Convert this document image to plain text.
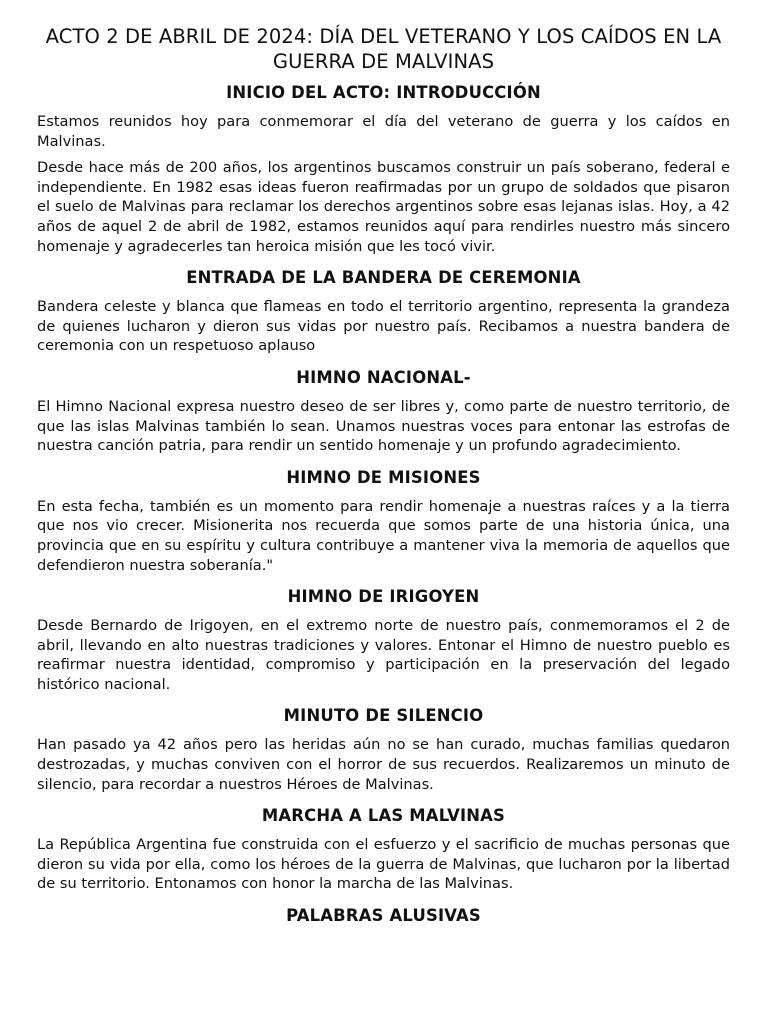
ACTO 2 DE ABRIL DE 2024: DÍA DEL VETERANO Y LOS CAÍDOS EN LA GUERRA DE MALVINAS
INICIO DEL ACTO: INTRODUCCIÓN

Estamos reunidos hoy para conmemorar el día del veterano de guerra y los caídos en Malvinas.

Desde hace más de 200 años, los argentinos buscamos construir un país soberano, federal e independiente. En 1982 esas ideas fueron reafirmadas por un grupo de soldados que pisaron el suelo de Malvinas para reclamar los derechos argentinos sobre esas lejanas islas. Hoy, a 42 años de aquel 2 de abril de 1982, estamos reunidos aquí para rendirles nuestro más sincero homenaje y agradecerles tan heroica misión que les tocó vivir.

ENTRADA DE LA BANDERA DE CEREMONIA

Bandera celeste y blanca que flameas en todo el territorio argentino, representa la grandeza de quienes lucharon y dieron sus vidas por nuestro país. Recibamos a nuestra bandera de ceremonia con un respetuoso aplauso

HIMNO NACIONAL-

El Himno Nacional expresa nuestro deseo de ser libres y, como parte de nuestro territorio, de que las islas Malvinas también lo sean. Unamos nuestras voces para entonar las estrofas de nuestra canción patria, para rendir un sentido homenaje y un profundo agradecimiento.

HIMNO DE MISIONES

En esta fecha, también es un momento para rendir homenaje a nuestras raíces y a la tierra que nos vio crecer. Misionerita nos recuerda que somos parte de una historia única, una provincia que en su espíritu y cultura contribuye a mantener viva la memoria de aquellos que defendieron nuestra soberanía."

HIMNO DE IRIGOYEN

Desde Bernardo de Irigoyen, en el extremo norte de nuestro país, conmemoramos el 2 de abril, llevando en alto nuestras tradiciones y valores. Entonar el Himno de nuestro pueblo es reafirmar nuestra identidad, compromiso y participación en la preservación del legado histórico nacional.

MINUTO DE SILENCIO

Han pasado ya 42 años pero las heridas aún no se han curado, muchas familias quedaron destrozadas, y muchas conviven con el horror de sus recuerdos. Realizaremos un minuto de silencio, para recordar a nuestros Héroes de Malvinas.

MARCHA A LAS MALVINAS

La República Argentina fue construida con el esfuerzo y el sacrificio de muchas personas que dieron su vida por ella, como los héroes de la guerra de Malvinas, que lucharon por la libertad de su territorio. Entonamos con honor la marcha de las Malvinas.

PALABRAS ALUSIVAS
